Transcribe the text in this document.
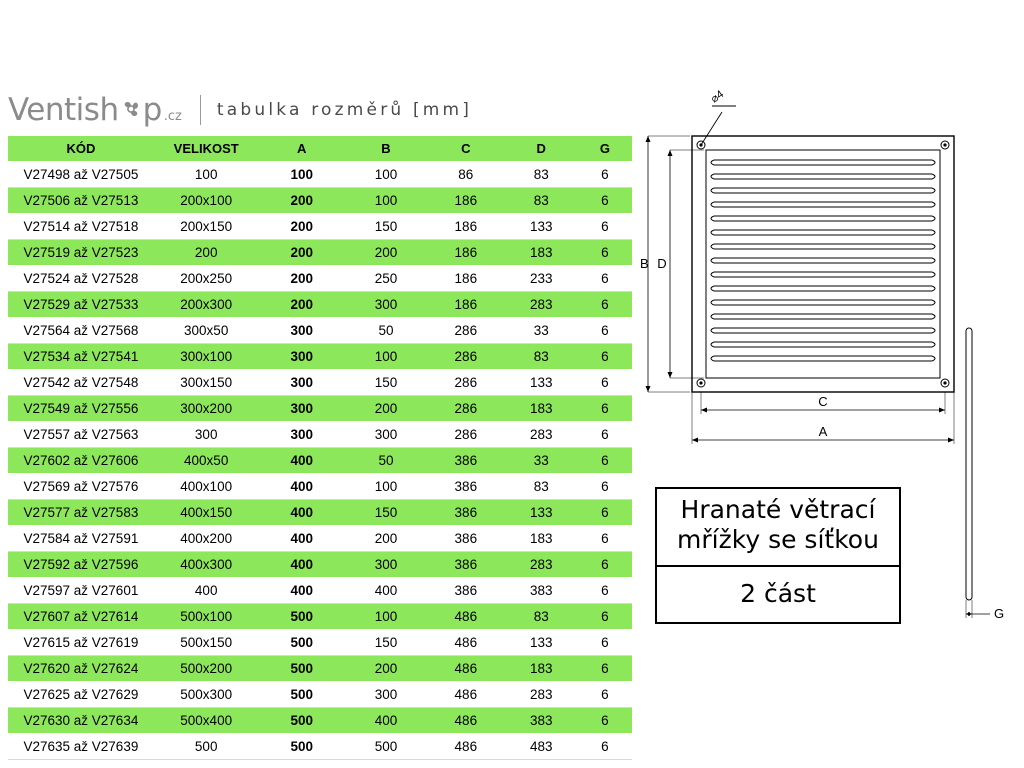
Ventish p .cz tabulka rozměrů [mm]
KÓD	VELIKOST	A	B	C	D	G
V27498 až V27505	100	100	100	86	83	6
V27506 až V27513	200x100	200	100	186	83	6
V27514 až V27518	200x150	200	150	186	133	6
V27519 až V27523	200	200	200	186	183	6
V27524 až V27528	200x250	200	250	186	233	6
V27529 až V27533	200x300	200	300	186	283	6
V27564 až V27568	300x50	300	50	286	33	6
V27534 až V27541	300x100	300	100	286	83	6
V27542 až V27548	300x150	300	150	286	133	6
V27549 až V27556	300x200	300	200	286	183	6
V27557 až V27563	300	300	300	286	283	6
V27602 až V27606	400x50	400	50	386	33	6
V27569 až V27576	400x100	400	100	386	83	6
V27577 až V27583	400x150	400	150	386	133	6
V27584 až V27591	400x200	400	200	386	183	6
V27592 až V27596	400x300	400	300	386	283	6
V27597 až V27601	400	400	400	386	383	6
V27607 až V27614	500x100	500	100	486	83	6
V27615 až V27619	500x150	500	150	486	133	6
V27620 až V27624	500x200	500	200	486	183	6
V27625 až V27629	500x300	500	300	486	283	6
V27630 až V27634	500x400	500	400	486	383	6
V27635 až V27639	500	500	500	486	483	6
⌀4
D
B
C
A
G
Hranaté větrací
mřížky se síťkou
2 část
